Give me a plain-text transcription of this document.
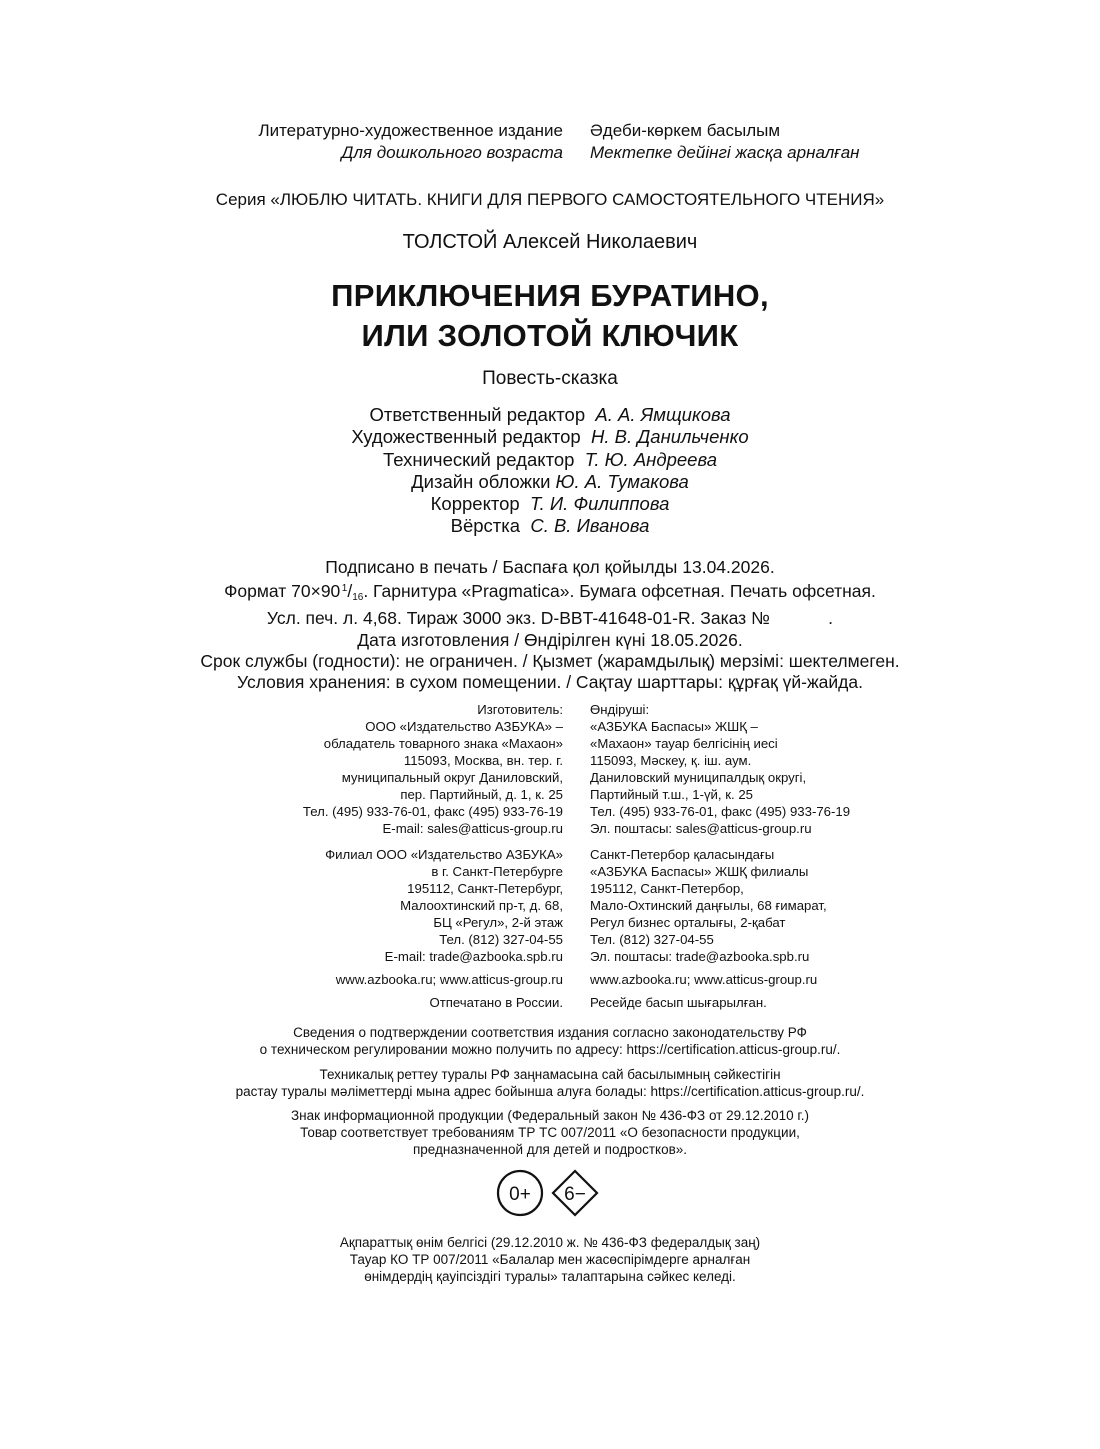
Литературно-художественное издание
Для дошкольного возраста
Әдеби-көркем басылым
Мектепке дейінгі жасқа арналған
Серия «ЛЮБЛЮ ЧИТАТЬ. КНИГИ ДЛЯ ПЕРВОГО САМОСТОЯТЕЛЬНОГО ЧТЕНИЯ»
ТОЛСТОЙ Алексей Николаевич
ПРИКЛЮЧЕНИЯ БУРАТИНО,
ИЛИ ЗОЛОТОЙ КЛЮЧИК
Повесть-сказка
Ответственный редактор А. А. Ямщикова
Художественный редактор Н. В. Данильченко
Технический редактор Т. Ю. Андреева
Дизайн обложки Ю. А. Тумакова
Корректор Т. И. Филиппова
Вёрстка С. В. Иванова
Подписано в печать / Баспаға қол қойылды 13.04.2026.
Формат 70×90 $^1/_{16}$. Гарнитура «Pragmatica». Бумага офсетная. Печать офсетная.
Усл. печ. л. 4,68. Тираж 3000 экз. D-BBT-41648-01-R. Заказ №            .
Дата изготовления / Өндірілген күні 18.05.2026.
Срок службы (годности): не ограничен. / Қызмет (жарамдылық) мерзімі: шектелмеген.
Условия хранения: в сухом помещении. / Сақтау шарттары: құрғақ үй-жайда.
Изготовитель:
ООО «Издательство АЗБУКА» –
обладатель товарного знака «Махаон»
115093, Москва, вн. тер. г.
муниципальный округ Даниловский,
пер. Партийный, д. 1, к. 25
Тел. (495) 933-76-01, факс (495) 933-76-19
E-mail: sales@atticus-group.ru
Филиал ООО «Издательство АЗБУКА»
в г. Санкт-Петербурге
195112, Санкт-Петербург,
Малоохтинский пр-т, д. 68,
БЦ «Регул», 2-й этаж
Тел. (812) 327-04-55
E-mail: trade@azbooka.spb.ru
www.azbooka.ru; www.atticus-group.ru
Отпечатано в России.
Өндіруші:
«АЗБУКА Баспасы» ЖШҚ –
«Махаон» тауар белгісінің иесі
115093, Мәскеу, қ. іш. аум.
Даниловский муниципалдық округі,
Партийный т.ш., 1-үй, к. 25
Тел. (495) 933-76-01, факс (495) 933-76-19
Эл. поштасы: sales@atticus-group.ru
Санкт-Петербор қаласындағы
«АЗБУКА Баспасы» ЖШҚ филиалы
195112, Санкт-Петербор,
Мало-Охтинский даңғылы, 68 ғимарат,
Регул бизнес орталығы, 2-қабат
Тел. (812) 327-04-55
Эл. поштасы: trade@azbooka.spb.ru
www.azbooka.ru; www.atticus-group.ru
Ресейде басып шығарылған.
Сведения о подтверждении соответствия издания согласно законодательству РФ
о техническом регулировании можно получить по адресу: https://certification.atticus-group.ru/.
Техникалық реттеу туралы РФ заңнамасына сай басылымның сәйкестігін
растау туралы мәліметтерді мына адрес бойынша алуға болады: https://certification.atticus-group.ru/.
Знак информационной продукции (Федеральный закон № 436-ФЗ от 29.12.2010 г.)
Товар соответствует требованиям ТР ТС 007/2011 «О безопасности продукции,
предназначенной для детей и подростков».
0+ 6−
Ақпараттық өнім белгісі (29.12.2010 ж. № 436-ФЗ федералдық заң)
Тауар КО ТР 007/2011 «Балалар мен жасөспірімдерге арналған
өнімдердің қауіпсіздігі туралы» талаптарына сәйкес келеді.
